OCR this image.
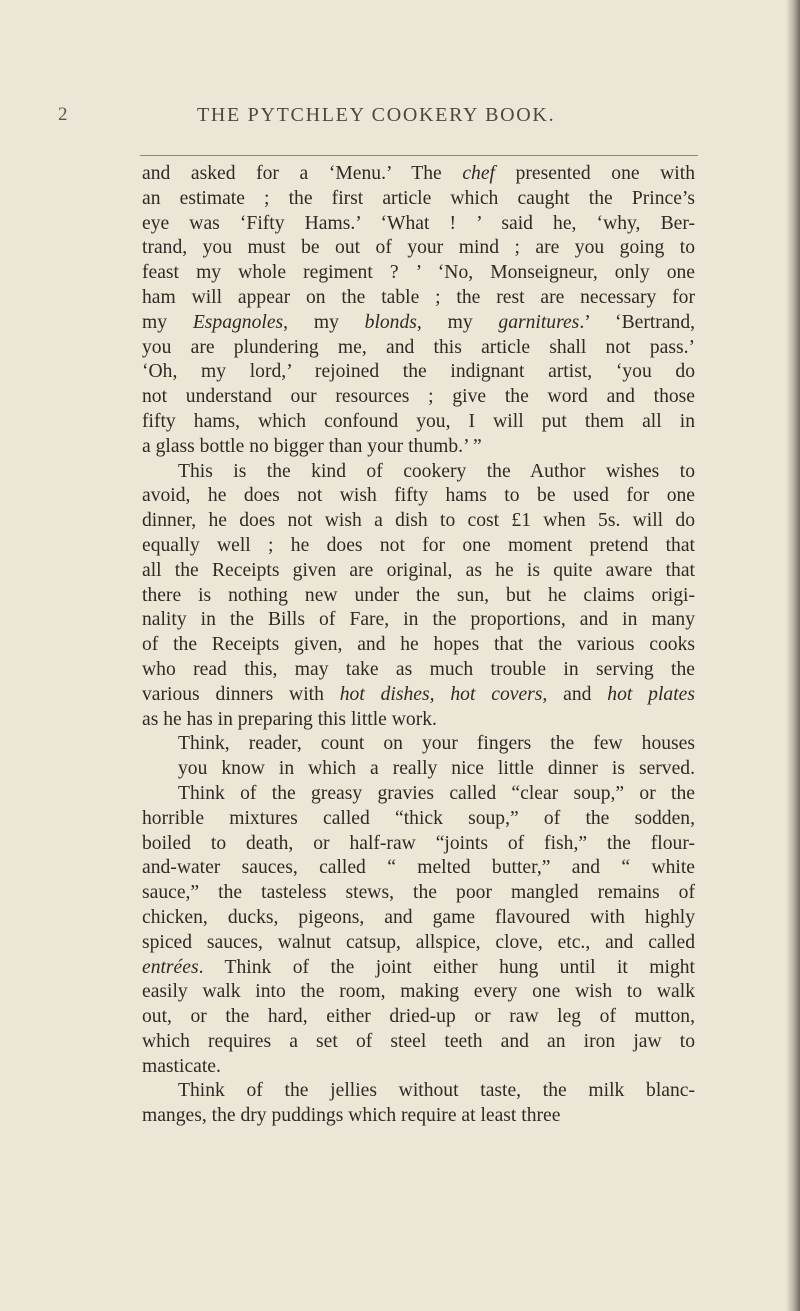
2	THE PYTCHLEY COOKERY BOOK.
and asked for a ‘Menu.’ The chef presented one with
an estimate ; the first article which caught the Prince’s
eye was ‘Fifty Hams.’ ‘What ! ’ said he, ‘why, Ber-
trand, you must be out of your mind ; are you going to
feast my whole regiment ? ’ ‘No, Monseigneur, only one
ham will appear on the table ; the rest are necessary for
my Espagnoles, my blonds, my garnitures.’ ‘Bertrand,
you are plundering me, and this article shall not pass.’
‘Oh, my lord,’ rejoined the indignant artist, ‘you do
not understand our resources ; give the word and those
fifty hams, which confound you, I will put them all in
a glass bottle no bigger than your thumb.’ ”
This is the kind of cookery the Author wishes to
avoid, he does not wish fifty hams to be used for one
dinner, he does not wish a dish to cost £1 when 5s. will do
equally well ; he does not for one moment pretend that
all the Receipts given are original, as he is quite aware that
there is nothing new under the sun, but he claims origi-
nality in the Bills of Fare, in the proportions, and in many
of the Receipts given, and he hopes that the various cooks
who read this, may take as much trouble in serving the
various dinners with hot dishes, hot covers, and hot plates
as he has in preparing this little work.
Think, reader, count on your fingers the few houses
you know in which a really nice little dinner is served.
Think of the greasy gravies called “clear soup,” or the
horrible mixtures called “thick soup,” of the sodden,
boiled to death, or half-raw “joints of fish,” the flour-
and-water sauces, called “ melted butter,” and “ white
sauce,” the tasteless stews, the poor mangled remains of
chicken, ducks, pigeons, and game flavoured with highly
spiced sauces, walnut catsup, allspice, clove, etc., and called
entrées. Think of the joint either hung until it might
easily walk into the room, making every one wish to walk
out, or the hard, either dried-up or raw leg of mutton,
which requires a set of steel teeth and an iron jaw to
masticate.
Think of the jellies without taste, the milk blanc-
manges, the dry puddings which require at least three
